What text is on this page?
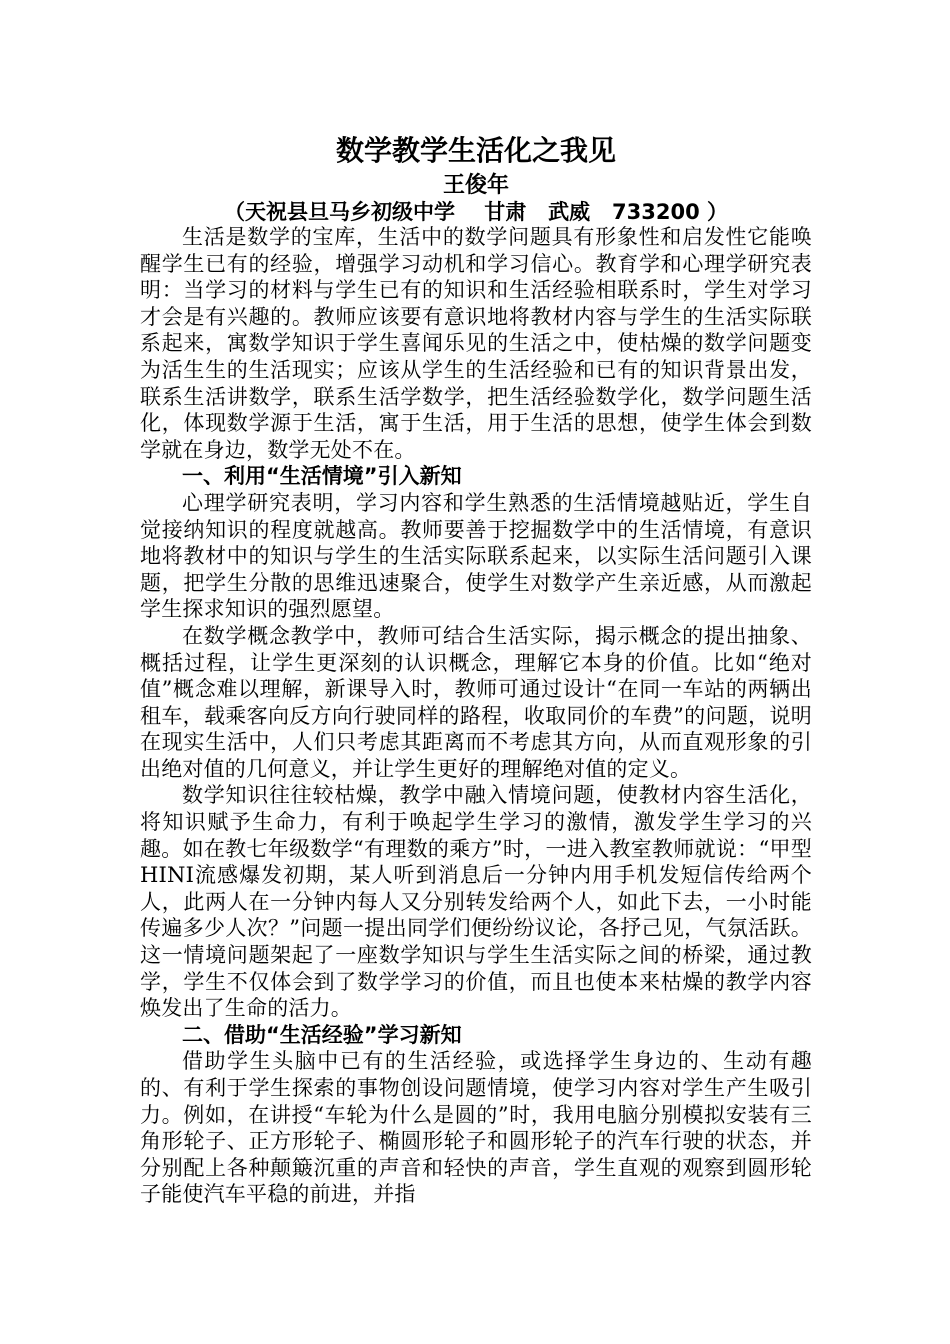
数学教学生活化之我见
王俊年
（天祝县旦马乡初级中学    甘肃   武威   733200 ）

生活是数学的宝库，生活中的数学问题具有形象性和启发性它能唤醒学生已有的经验，增强学习动机和学习信心。教育学和心理学研究表明：当学习的材料与学生已有的知识和生活经验相联系时，学生对学习才会是有兴趣的。教师应该要有意识地将教材内容与学生的生活实际联系起来，寓数学知识于学生喜闻乐见的生活之中，使枯燥的数学问题变为活生生的生活现实；应该从学生的生活经验和已有的知识背景出发，联系生活讲数学，联系生活学数学，把生活经验数学化，数学问题生活化，体现数学源于生活，寓于生活，用于生活的思想，使学生体会到数学就在身边，数学无处不在。

一、利用“生活情境”引入新知

心理学研究表明，学习内容和学生熟悉的生活情境越贴近，学生自觉接纳知识的程度就越高。教师要善于挖掘数学中的生活情境，有意识地将教材中的知识与学生的生活实际联系起来，以实际生活问题引入课题，把学生分散的思维迅速聚合，使学生对数学产生亲近感，从而激起学生探求知识的强烈愿望。

在数学概念教学中，教师可结合生活实际，揭示概念的提出抽象、概括过程，让学生更深刻的认识概念，理解它本身的价值。比如“绝对值”概念难以理解，新课导入时，教师可通过设计“在同一车站的两辆出租车，载乘客向反方向行驶同样的路程，收取同价的车费”的问题，说明在现实生活中，人们只考虑其距离而不考虑其方向，从而直观形象的引出绝对值的几何意义，并让学生更好的理解绝对值的定义。

数学知识往往较枯燥，教学中融入情境问题，使教材内容生活化，将知识赋予生命力，有利于唤起学生学习的激情，激发学生学习的兴趣。如在教七年级数学“有理数的乘方”时，一进入教室教师就说：“甲型HINI流感爆发初期，某人听到消息后一分钟内用手机发短信传给两个人，此两人在一分钟内每人又分别转发给两个人，如此下去，一小时能传遍多少人次？”问题一提出同学们便纷纷议论，各抒己见，气氛活跃。这一情境问题架起了一座数学知识与学生生活实际之间的桥梁，通过教学，学生不仅体会到了数学学习的价值，而且也使本来枯燥的教学内容焕发出了生命的活力。

二、借助“生活经验”学习新知

借助学生头脑中已有的生活经验，或选择学生身边的、生动有趣的、有利于学生探索的事物创设问题情境，使学习内容对学生产生吸引力。例如，在讲授“车轮为什么是圆的”时，我用电脑分别模拟安装有三角形轮子、正方形轮子、椭圆形轮子和圆形轮子的汽车行驶的状态，并分别配上各种颠簸沉重的声音和轻快的声音，学生直观的观察到圆形轮子能使汽车平稳的前进，并指
